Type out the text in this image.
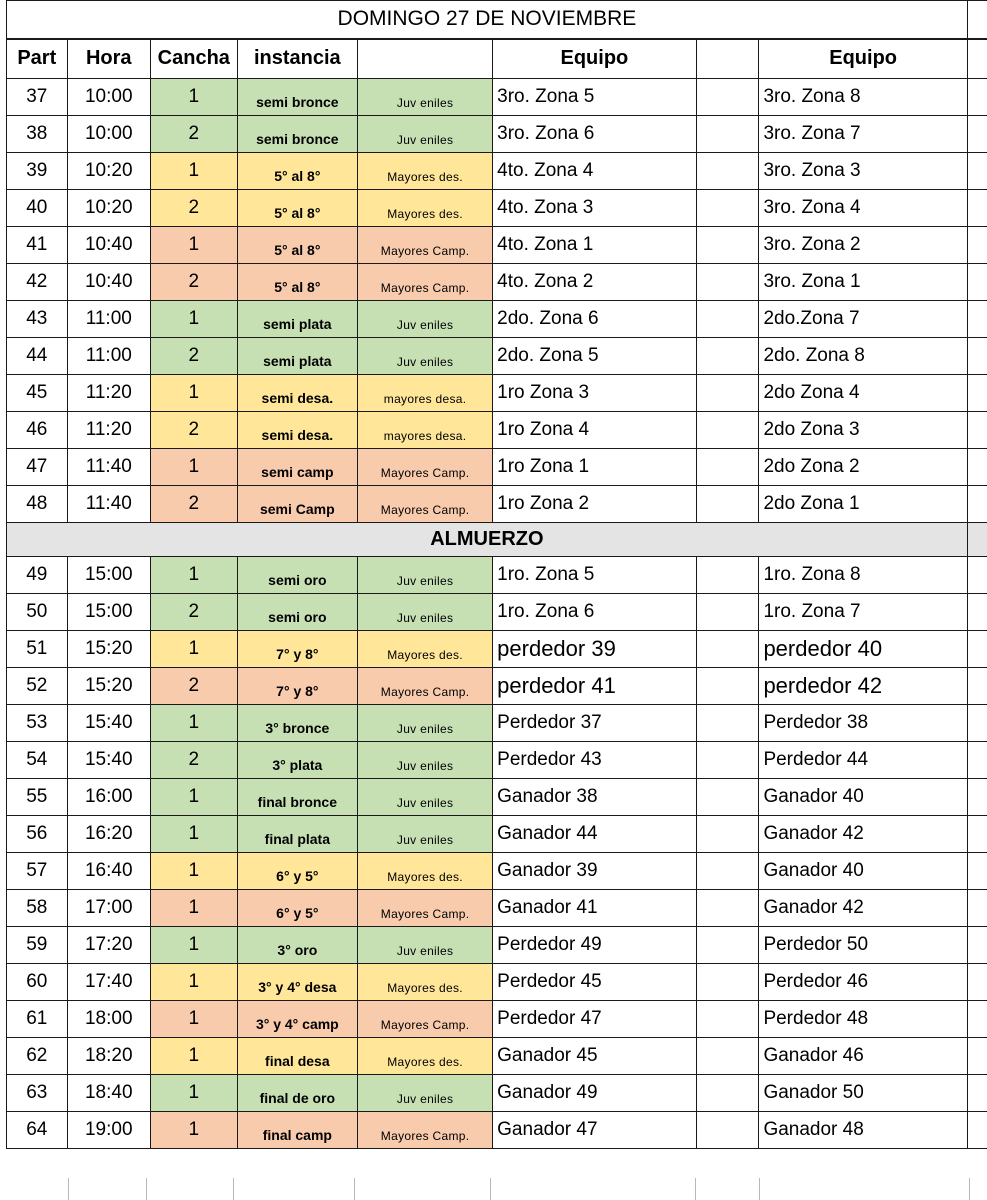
DOMINGO 27 DE NOVIEMBRE								
Part	Hora	Cancha	instancia		Equipo		Equipo	
37	10:00	1	semi bronce	Juv eniles	3ro. Zona 5		3ro. Zona 8	
38	10:00	2	semi bronce	Juv eniles	3ro. Zona 6		3ro. Zona 7	
39	10:20	1	5° al 8°	Mayores des.	4to. Zona 4		3ro. Zona 3	
40	10:20	2	5° al 8°	Mayores des.	4to. Zona 3		3ro. Zona 4	
41	10:40	1	5° al 8°	Mayores Camp.	4to. Zona 1		3ro. Zona 2	
42	10:40	2	5° al 8°	Mayores Camp.	4to. Zona 2		3ro. Zona 1	
43	11:00	1	semi plata	Juv eniles	2do. Zona 6		2do.Zona 7	
44	11:00	2	semi plata	Juv eniles	2do. Zona 5		2do. Zona 8	
45	11:20	1	semi desa.	mayores desa.	1ro Zona 3		2do Zona 4	
46	11:20	2	semi desa.	mayores desa.	1ro Zona 4		2do Zona 3	
47	11:40	1	semi camp	Mayores Camp.	1ro Zona 1		2do Zona 2	
48	11:40	2	semi Camp	Mayores Camp.	1ro Zona 2		2do Zona 1	
ALMUERZO								
49	15:00	1	semi oro	Juv eniles	1ro. Zona 5		1ro. Zona 8	
50	15:00	2	semi oro	Juv eniles	1ro. Zona 6		1ro. Zona 7	
51	15:20	1	7° y 8°	Mayores des.	perdedor 39		perdedor 40	
52	15:20	2	7° y 8°	Mayores Camp.	perdedor 41		perdedor 42	
53	15:40	1	3° bronce	Juv eniles	Perdedor 37		Perdedor 38	
54	15:40	2	3° plata	Juv eniles	Perdedor 43		Perdedor 44	
55	16:00	1	final bronce	Juv eniles	Ganador 38		Ganador 40	
56	16:20	1	final plata	Juv eniles	Ganador 44		Ganador 42	
57	16:40	1	6° y 5°	Mayores des.	Ganador 39		Ganador 40	
58	17:00	1	6° y 5°	Mayores Camp.	Ganador 41		Ganador 42	
59	17:20	1	3° oro	Juv eniles	Perdedor 49		Perdedor 50	
60	17:40	1	3° y 4° desa	Mayores des.	Perdedor 45		Perdedor 46	
61	18:00	1	3° y 4° camp	Mayores Camp.	Perdedor 47		Perdedor 48	
62	18:20	1	final desa	Mayores des.	Ganador 45		Ganador 46	
63	18:40	1	final de oro	Juv eniles	Ganador 49		Ganador 50	
64	19:00	1	final camp	Mayores Camp.	Ganador 47		Ganador 48	
